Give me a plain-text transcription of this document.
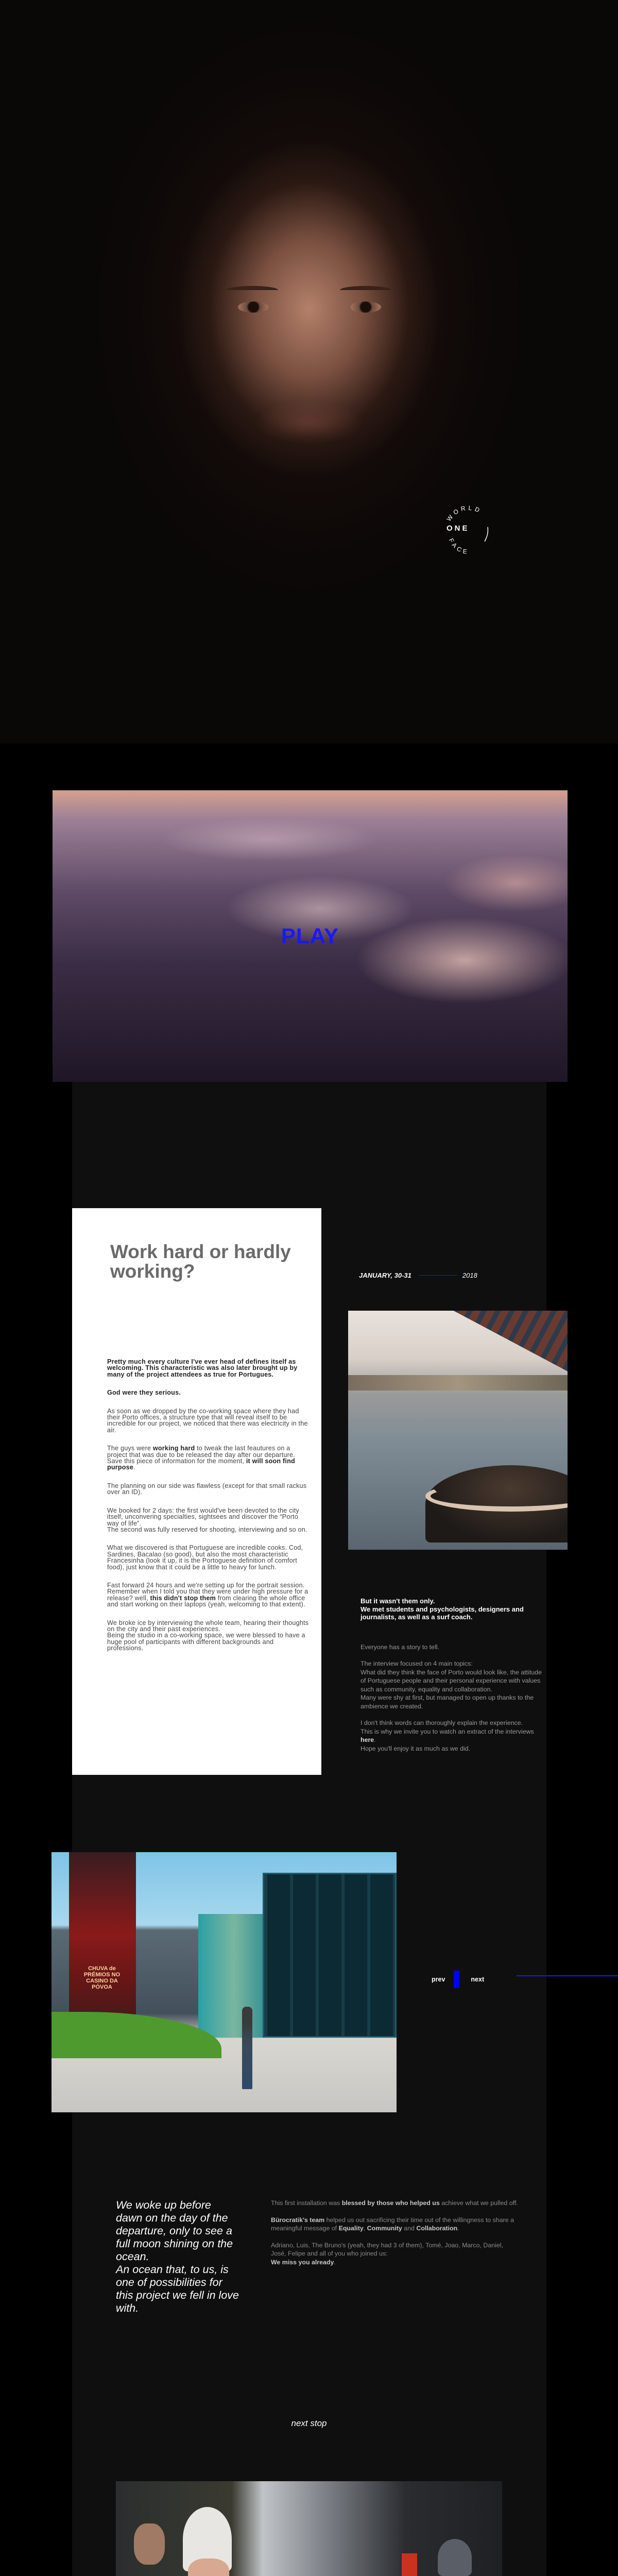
WORLD
FACE
ONE
PLAY
Work hard or hardly working?

Pretty much every culture I've ever head of defines itself as welcoming. This characteristic was also later brought up by many of the project attendees as true for Portugues.

God were they serious.

As soon as we dropped by the co-working space where they had their Porto offices, a structure type that will reveal itself to be incredible for our project, we noticed that there was electricity in the air.

The guys were working hard to tweak the last feautures on a project that was due to be released the day after our departure.
Save this piece of information for the moment, it will soon find purpose.

The planning on our side was flawless (except for that small rackus over an ID).

We booked for 2 days: the first would've been devoted to the city itself, unconvering specialties, sightsees and discover the “Porto way of life”.
The second was fully reserved for shooting, interviewing and so on.

What we discovered is that Portuguese are incredible cooks. Cod, Sardines, Bacalao (so good), but also the most characteristic Francesinha (look it up, it is the Portoguese definition of comfort food), just know that it could be a little to heavy for lunch.

Fast forward 24 hours and we're setting up for the portrait session. Remember when I told you that they were under high pressure for a release? well, this didn't stop them from clearing the whole office and start working on their laptops (yeah, welcoming to that extent).

We broke ice by interviewing the whole team, hearing their thoughts on the city and their past experiences.
Being the studio in a co-working space, we were blessed to have a huge pool of participants with different backgrounds and professions.

JANUARY, 30-31	2018
But it wasn't them only.
We met students and psychologists, designers and journalists, as well as a surf coach.

Everyone has a story to tell.

The interview focused on 4 main topics:
What did they think the face of Porto would look like, the attitude of Portuguese people and their personal experience with values such as community, equality and collaboration.
Many were shy at first, but managed to open up thanks to the ambience we created.

I don't think words can thoroughly explain the experience.
This is why we invite you to watch an extract of the interviews here.
Hope you'll enjoy it as much as we did.

CHUVA de PRÉMIOS NO CASINO DA PÓVOA
prev	next
We woke up before dawn on the day of the departure, only to see a full moon shining on the ocean.
An ocean that, to us, is one of possibilities for this project we fell in love with.

This first installation was blessed by those who helped us achieve what we pulled off.

Bürocratik's team helped us out sacrificing their time out of the willingness to share a meaningful message of Equality, Community and Collaboration.

Adriano, Luis, The Bruno's (yeah, they had 3 of them), Tomé, Joao, Marco, Daniel, José, Felipe and all of you who joined us:
We miss you already.

next stop
